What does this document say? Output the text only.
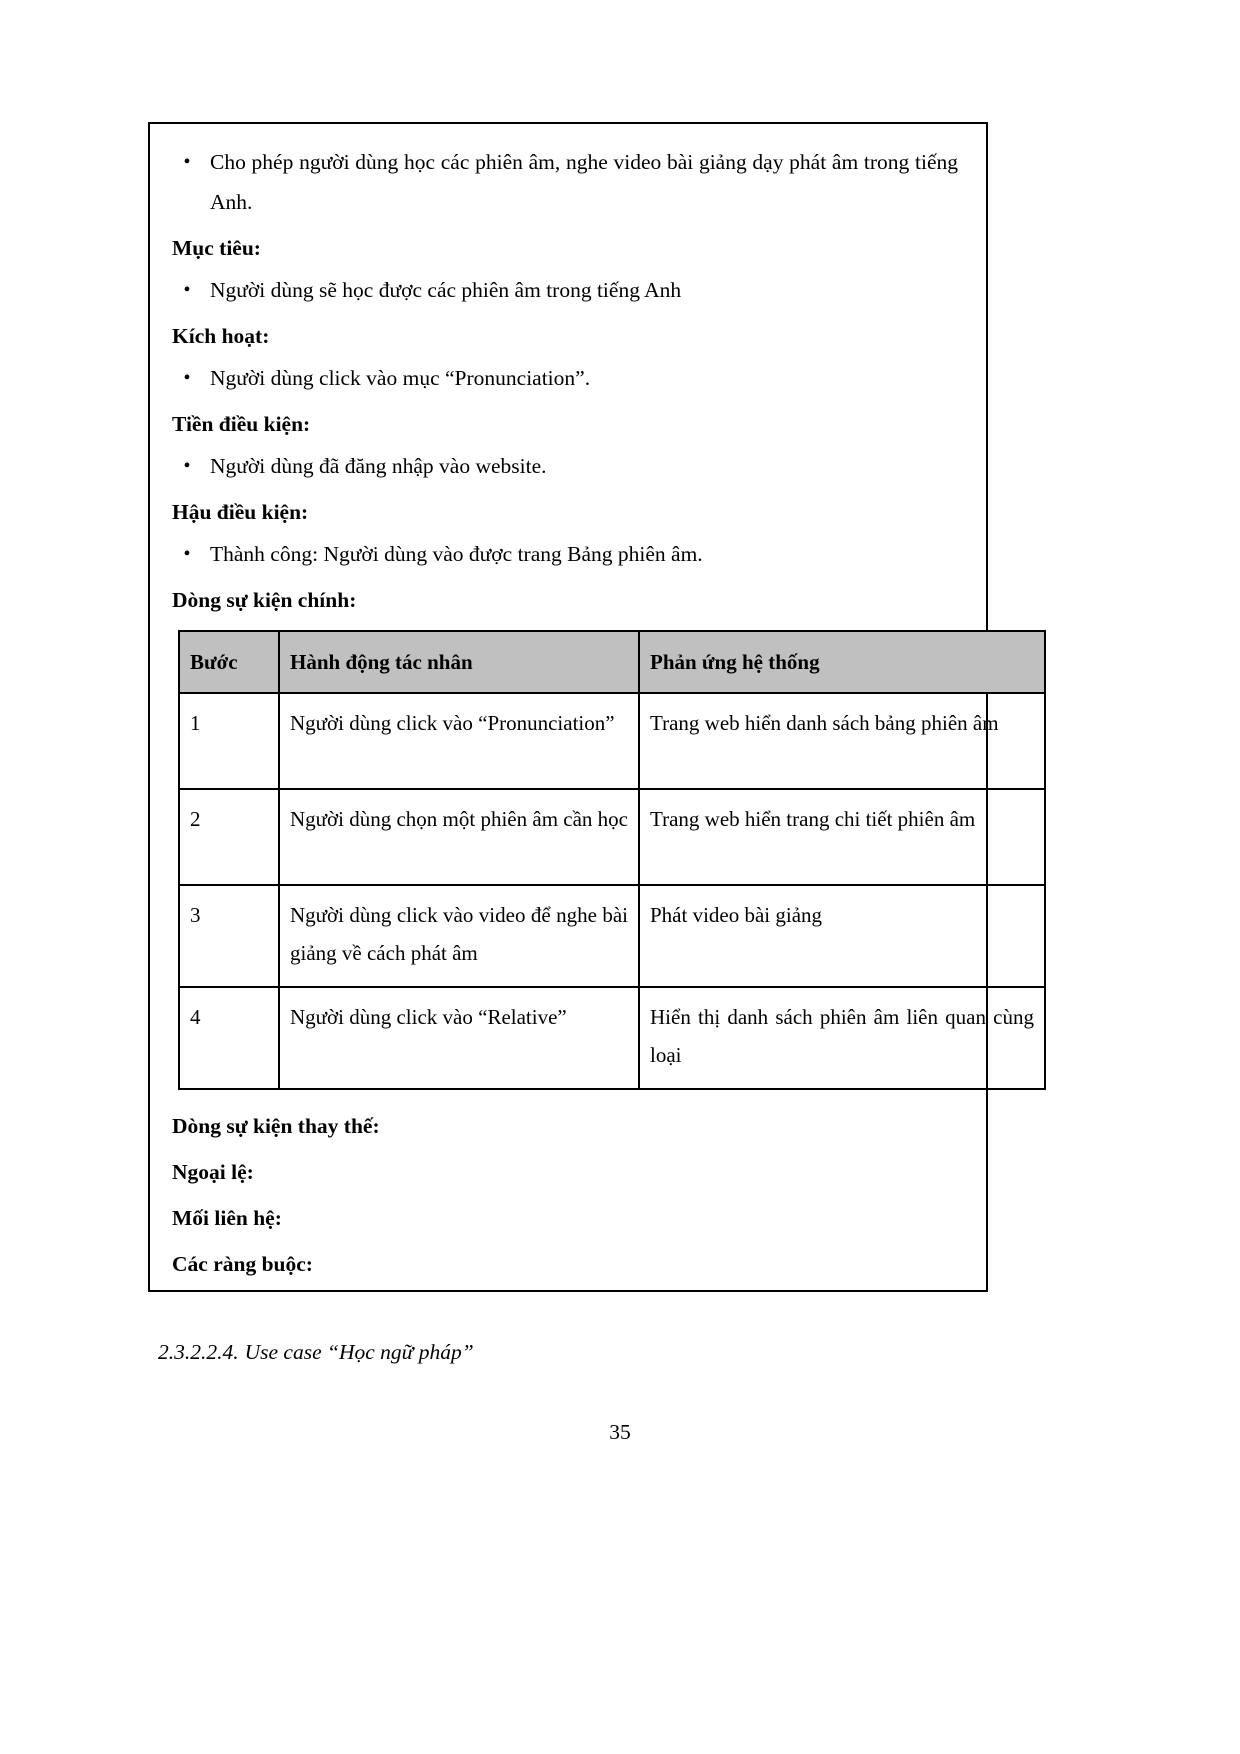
• Cho phép người dùng học các phiên âm, nghe video bài giảng dạy phát âm trong tiếng Anh.
Mục tiêu:
• Người dùng sẽ học được các phiên âm trong tiếng Anh
Kích hoạt:
• Người dùng click vào mục “Pronunciation”.
Tiền điều kiện:
• Người dùng đã đăng nhập vào website.
Hậu điều kiện:
• Thành công: Người dùng vào được trang Bảng phiên âm.
Dòng sự kiện chính:
Bước	Hành động tác nhân	Phản ứng hệ thống
1	Người dùng click vào “Pronunciation”	Trang web hiển danh sách bảng phiên âm
2	Người dùng chọn một phiên âm cần học	Trang web hiển trang chi tiết phiên âm
3	Người dùng click vào video để nghe bài giảng về cách phát âm	Phát video bài giảng
4	Người dùng click vào “Relative”	Hiển thị danh sách phiên âm liên quan cùng loại
Dòng sự kiện thay thế:
Ngoại lệ:
Mối liên hệ:
Các ràng buộc:
2.3.2.2.4. Use case “Học ngữ pháp”
35
